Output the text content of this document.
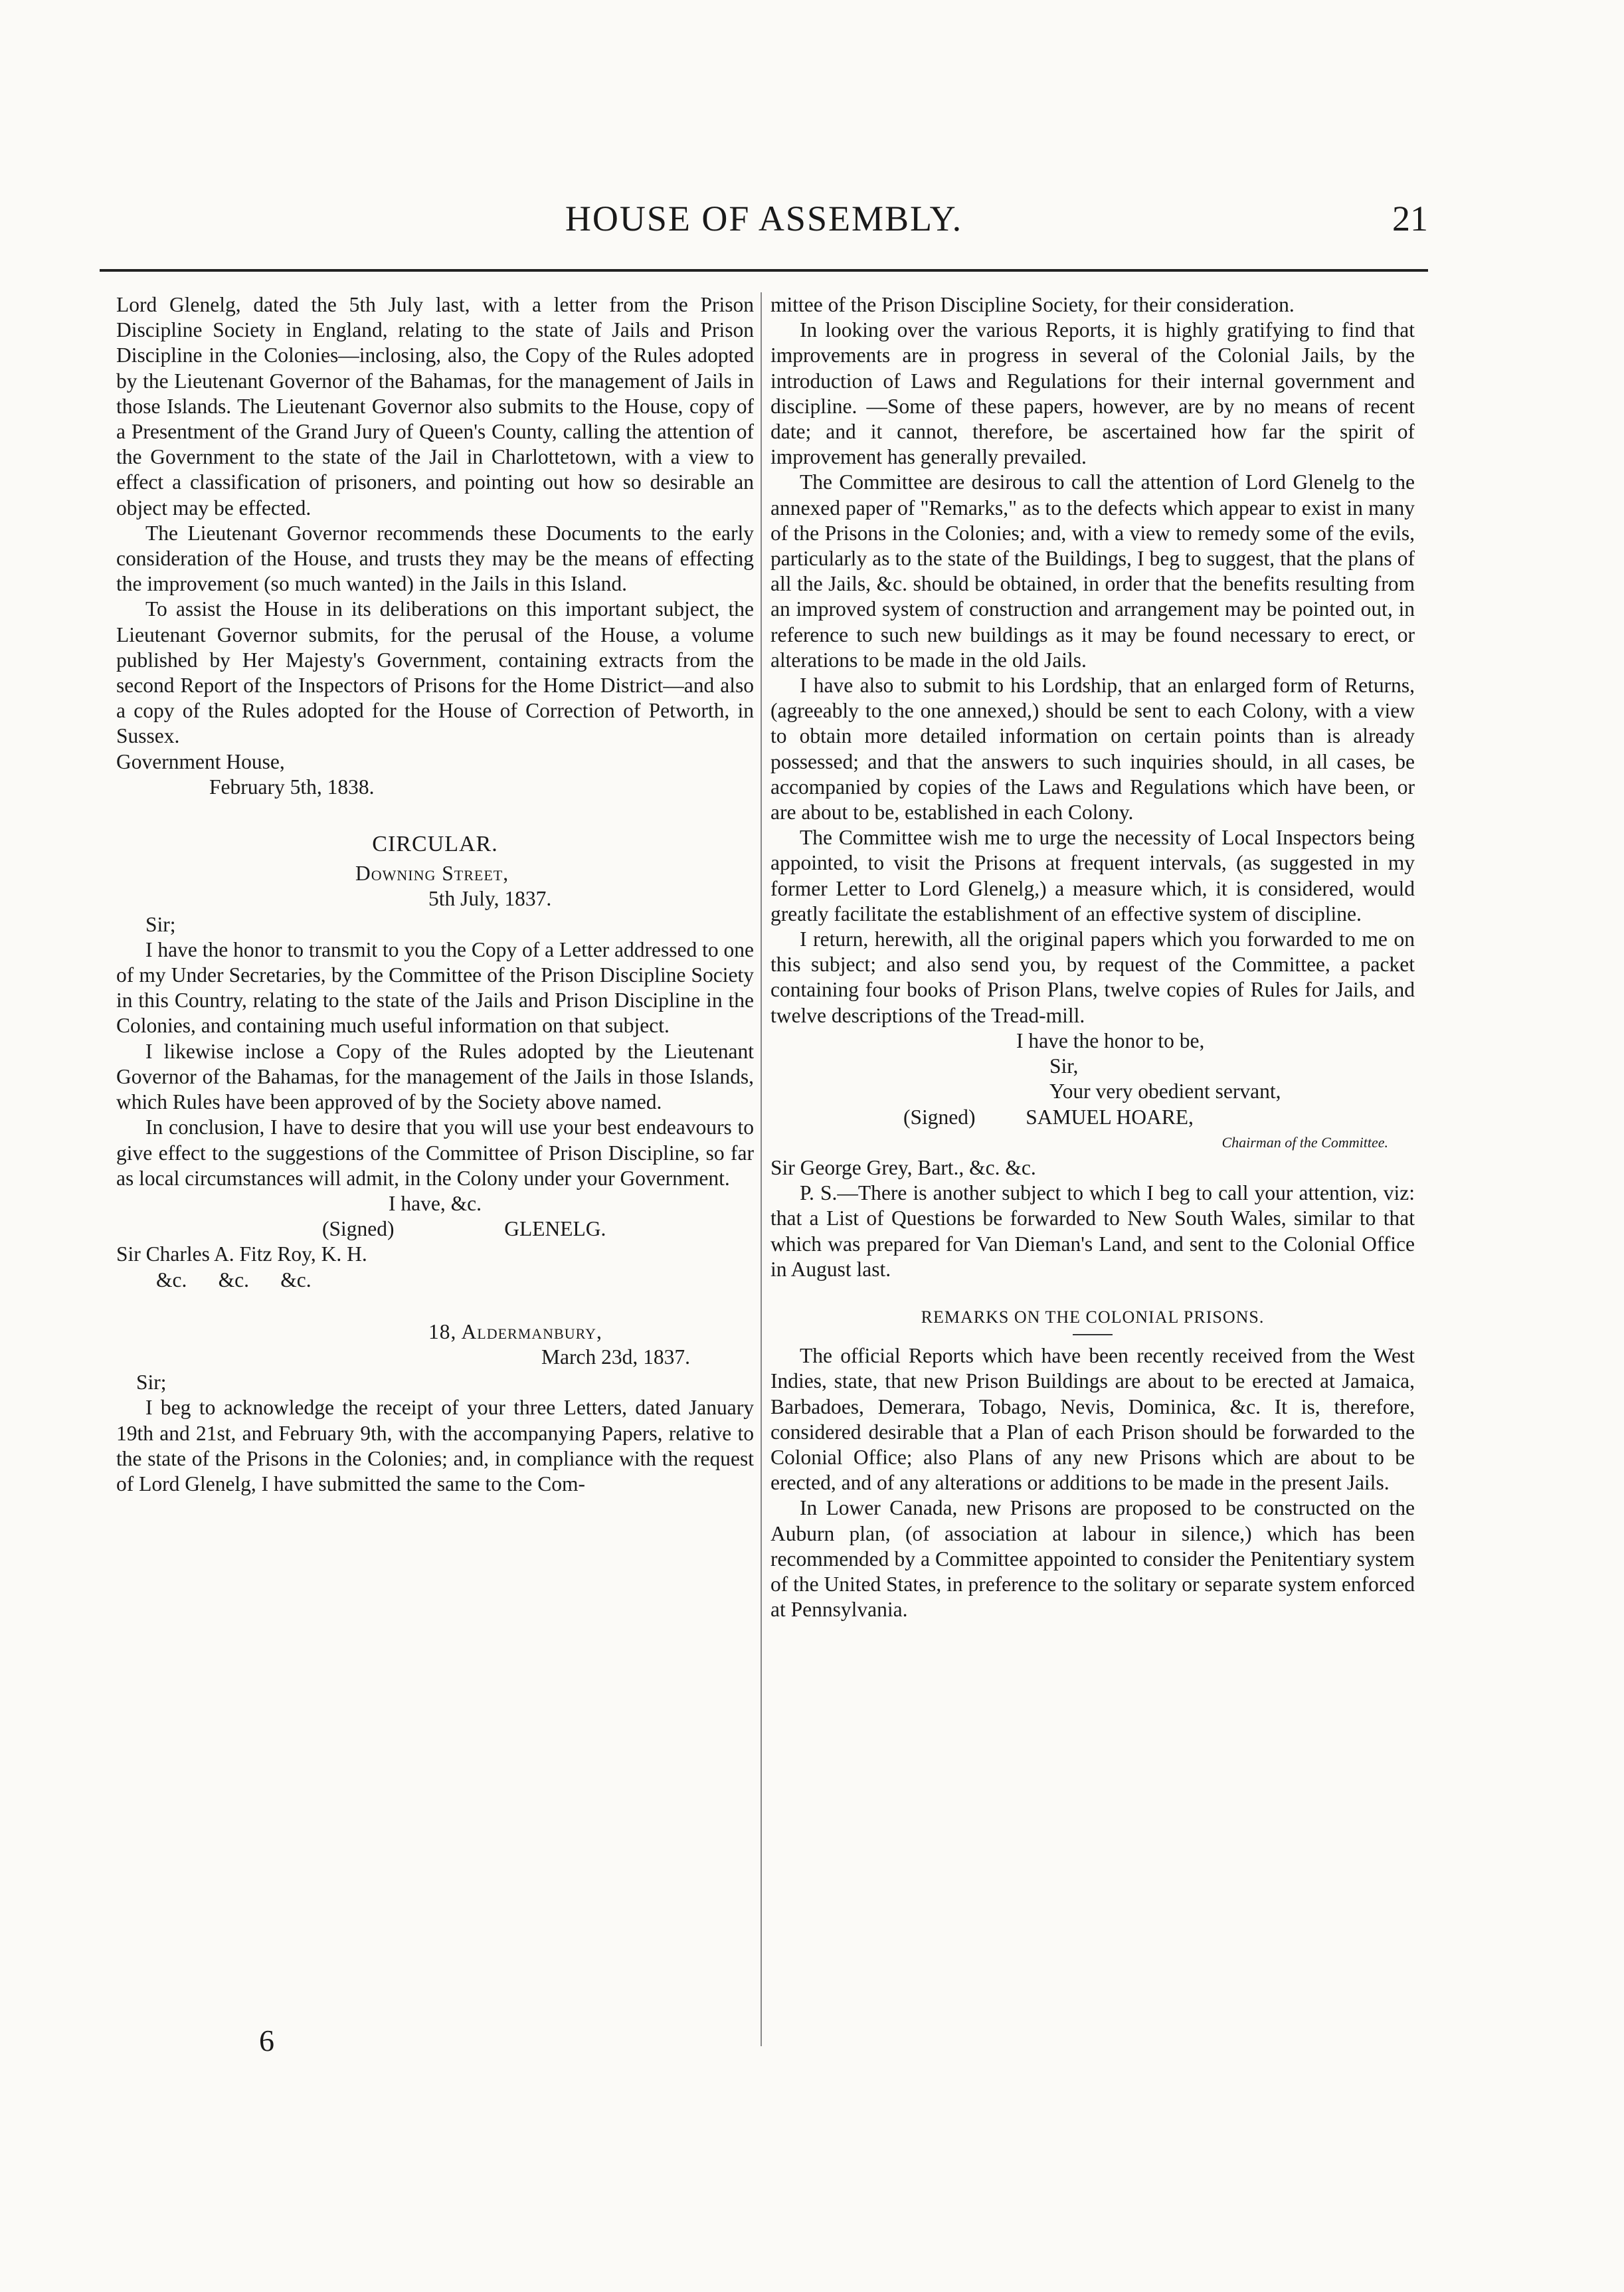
HOUSE OF ASSEMBLY.	21

Lord Glenelg, dated the 5th July last, with a letter from the Prison Discipline Society in England, relating to the state of Jails and Prison Discipline in the Colonies—inclosing, also, the Copy of the Rules adopted by the Lieutenant Governor of the Bahamas, for the management of Jails in those Islands. The Lieutenant Governor also submits to the House, copy of a Presentment of the Grand Jury of Queen's County, calling the attention of the Government to the state of the Jail in Charlottetown, with a view to effect a classification of prisoners, and pointing out how so desirable an object may be effected.

The Lieutenant Governor recommends these Documents to the early consideration of the House, and trusts they may be the means of effecting the improvement (so much wanted) in the Jails in this Island.

To assist the House in its deliberations on this important subject, the Lieutenant Governor submits, for the perusal of the House, a volume published by Her Majesty's Government, containing extracts from the second Report of the Inspectors of Prisons for the Home District—and also a copy of the Rules adopted for the House of Correction of Petworth, in Sussex.

Government House,

February 5th, 1838.

CIRCULAR.

Downing Street,

5th July, 1837.

Sir;

I have the honor to transmit to you the Copy of a Letter addressed to one of my Under Secretaries, by the Committee of the Prison Discipline Society in this Country, relating to the state of the Jails and Prison Discipline in the Colonies, and containing much useful information on that subject.

I likewise inclose a Copy of the Rules adopted by the Lieutenant Governor of the Bahamas, for the management of the Jails in those Islands, which Rules have been approved of by the Society above named.

In conclusion, I have to desire that you will use your best endeavours to give effect to the suggestions of the Committee of Prison Discipline, so far as local circumstances will admit, in the Colony under your Government.

I have, &c.

(Signed)	GLENELG.

Sir Charles A. Fitz Roy, K. H.

&c.      &c.      &c.

18, Aldermanbury,

March 23d, 1837.

Sir;

I beg to acknowledge the receipt of your three Letters, dated January 19th and 21st, and February 9th, with the accompanying Papers, relative to the state of the Prisons in the Colonies; and, in compliance with the request of Lord Glenelg, I have submitted the same to the Com-

6

mittee of the Prison Discipline Society, for their consideration.

In looking over the various Reports, it is highly gratifying to find that improvements are in progress in several of the Colonial Jails, by the introduction of Laws and Regulations for their internal government and discipline. —Some of these papers, however, are by no means of recent date; and it cannot, therefore, be ascertained how far the spirit of improvement has generally prevailed.

The Committee are desirous to call the attention of Lord Glenelg to the annexed paper of "Remarks," as to the defects which appear to exist in many of the Prisons in the Colonies; and, with a view to remedy some of the evils, particularly as to the state of the Buildings, I beg to suggest, that the plans of all the Jails, &c. should be obtained, in order that the benefits resulting from an improved system of construction and arrangement may be pointed out, in reference to such new buildings as it may be found necessary to erect, or alterations to be made in the old Jails.

I have also to submit to his Lordship, that an enlarged form of Returns, (agreeably to the one annexed,) should be sent to each Colony, with a view to obtain more detailed information on certain points than is already possessed; and that the answers to such inquiries should, in all cases, be accompanied by copies of the Laws and Regulations which have been, or are about to be, established in each Colony.

The Committee wish me to urge the necessity of Local Inspectors being appointed, to visit the Prisons at frequent intervals, (as suggested in my former Letter to Lord Glenelg,) a measure which, it is considered, would greatly facilitate the establishment of an effective system of discipline.

I return, herewith, all the original papers which you forwarded to me on this subject; and also send you, by request of the Committee, a packet containing four books of Prison Plans, twelve copies of Rules for Jails, and twelve descriptions of the Tread-mill.

I have the honor to be,

Sir,

Your very obedient servant,

(Signed) SAMUEL HOARE,

Chairman of the Committee.

Sir George Grey, Bart., &c. &c.

P. S.—There is another subject to which I beg to call your attention, viz: that a List of Questions be forwarded to New South Wales, similar to that which was prepared for Van Dieman's Land, and sent to the Colonial Office in August last.

REMARKS ON THE COLONIAL PRISONS.

The official Reports which have been recently received from the West Indies, state, that new Prison Buildings are about to be erected at Jamaica, Barbadoes, Demerara, Tobago, Nevis, Dominica, &c. It is, therefore, considered desirable that a Plan of each Prison should be forwarded to the Colonial Office; also Plans of any new Prisons which are about to be erected, and of any alterations or additions to be made in the present Jails.

In Lower Canada, new Prisons are proposed to be constructed on the Auburn plan, (of association at labour in silence,) which has been recommended by a Committee appointed to consider the Penitentiary system of the United States, in preference to the solitary or separate system enforced at Pennsylvania.
